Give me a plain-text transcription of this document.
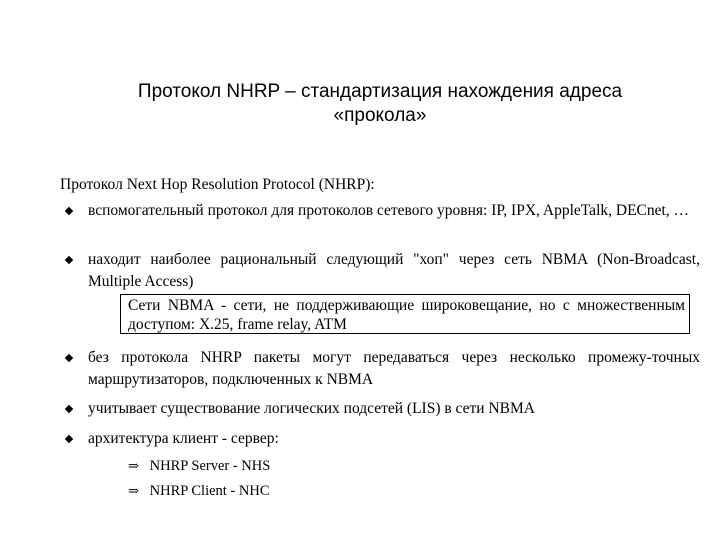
Протокол NHRP – стандартизация нахождения адреса
«прокола»
Протокол Next Hop Resolution Protocol (NHRP):
вспомогательный протокол для протоколов сетевого уровня: IP, IPX, AppleTalk, DECnet, …
находит наиболее рациональный следующий "хоп" через сеть NBMA (Non-Broadcast, Multiple Access)
Сети NBMA - сети, не поддерживающие широковещание, но с множественным доступом: X.25, frame relay, ATM
без протокола NHRP пакеты могут передаваться через несколько промежу-точных маршрутизаторов, подключенных к NBMA
учитывает существование логических подсетей (LIS) в сети NBMA
архитектура клиент - сервер:
⇒ NHRP Server - NHS
⇒ NHRP Client - NHC
